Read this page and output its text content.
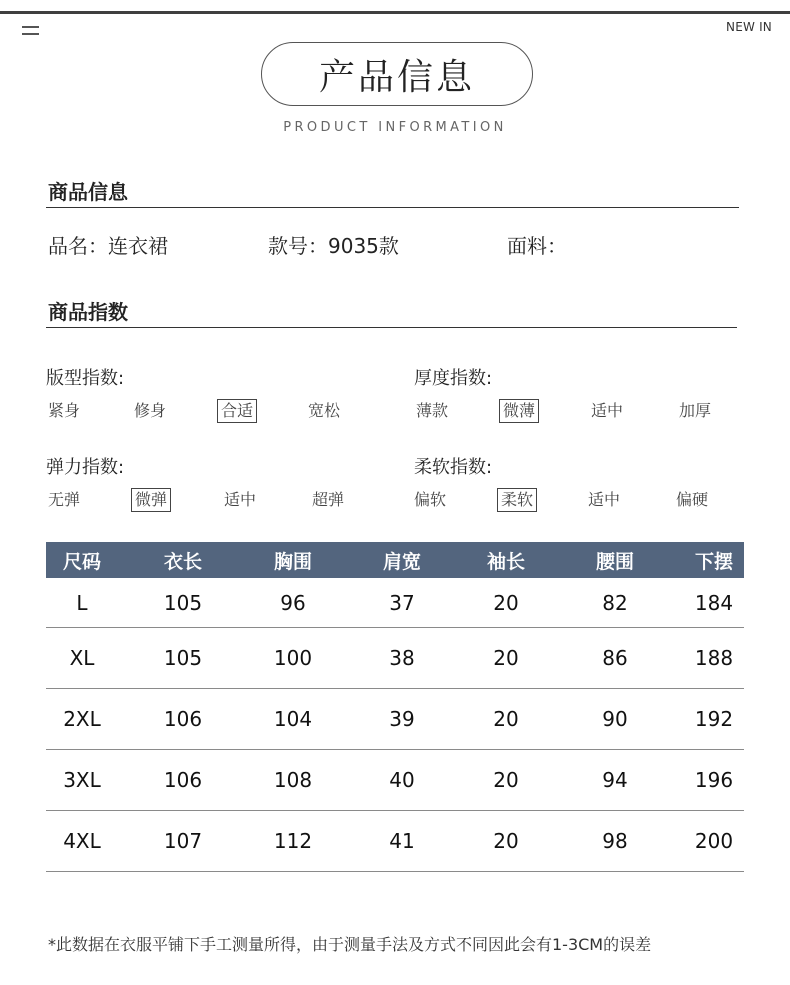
NEW IN
产品信息
PRODUCT INFORMATION
商品信息
品名：连衣裙	款号：9035款	面料：
商品指数
版型指数:
紧身	修身	合适	宽松
厚度指数:
薄款	微薄	适中	加厚
弹力指数:
无弹	微弹	适中	超弹
柔软指数:
偏软	柔软	适中	偏硬
尺码	衣长	胸围	肩宽	袖长	腰围	下摆
L	105	96	37	20	82	184
XL	105	100	38	20	86	188
2XL	106	104	39	20	90	192
3XL	106	108	40	20	94	196
4XL	107	112	41	20	98	200
*此数据在衣服平铺下手工测量所得，由于测量手法及方式不同因此会有1-3CM的误差
